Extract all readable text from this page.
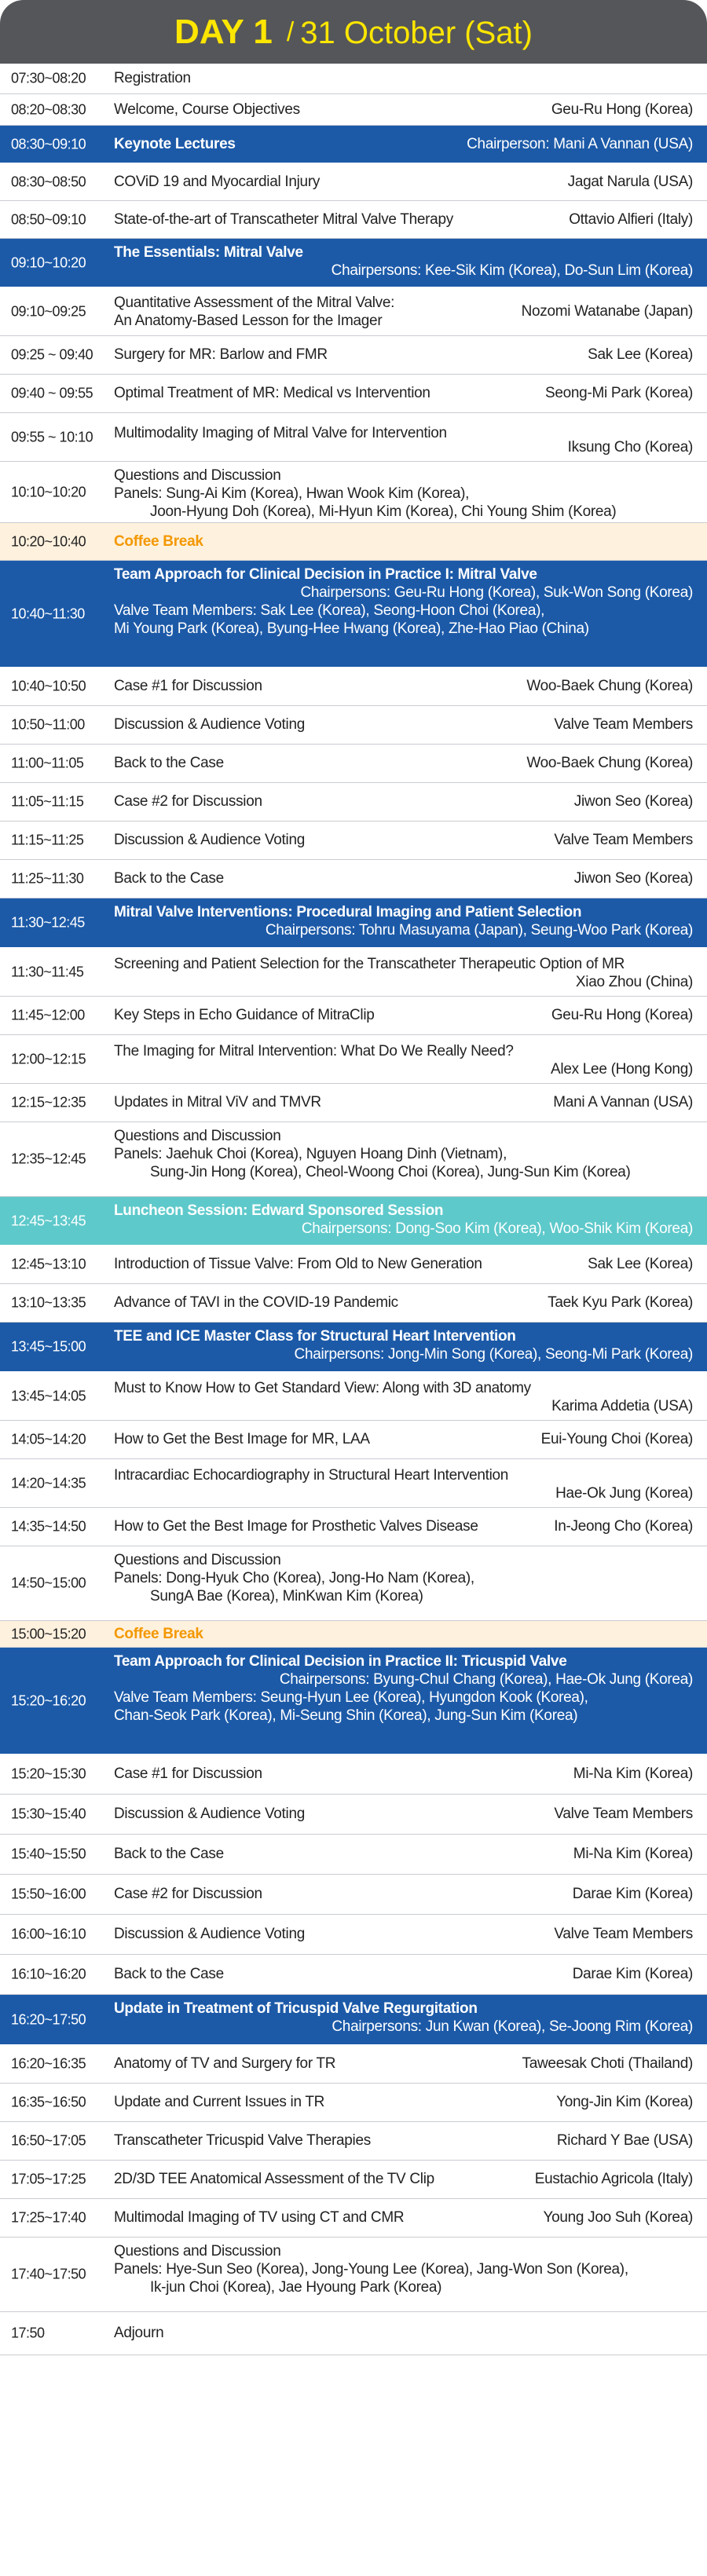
DAY 1 / 31 October (Sat)
07:30~08:20 Registration
08:20~08:30 Welcome, Course Objectives	Geu-Ru Hong (Korea)
08:30~09:10 Keynote Lectures	Chairperson: Mani A Vannan (USA)
08:30~08:50 COViD 19 and Myocardial Injury	Jagat Narula (USA)
08:50~09:10 State-of-the-art of Transcatheter Mitral Valve Therapy	Ottavio Alfieri (Italy)
09:10~10:20
The Essentials: Mitral Valve
Chairpersons: Kee-Sik Kim (Korea), Do-Sun Lim (Korea)
09:10~09:25 Quantitative Assessment of the Mitral Valve:
An Anatomy-Based Lesson for the Imager
Nozomi Watanabe (Japan)
09:25 ~ 09:40 Surgery for MR: Barlow and FMR	Sak Lee (Korea)
09:40 ~ 09:55 Optimal Treatment of MR: Medical vs Intervention	Seong-Mi Park (Korea)
09:55 ~ 10:10 Multimodality Imaging of Mitral Valve for Intervention
Iksung Cho (Korea)
10:10~10:20
Questions and Discussion
Panels: Sung-Ai Kim (Korea), Hwan Wook Kim (Korea),
Joon-Hyung Doh (Korea), Mi-Hyun Kim (Korea), Chi Young Shim (Korea)
10:20~10:40 Coffee Break
10:40~11:30
Team Approach for Clinical Decision in Practice I: Mitral Valve
Chairpersons: Geu-Ru Hong (Korea), Suk-Won Song (Korea)
Valve Team Members: Sak Lee (Korea), Seong-Hoon Choi (Korea),
Mi Young Park (Korea), Byung-Hee Hwang (Korea), Zhe-Hao Piao (China)
10:40~10:50 Case #1 for Discussion	Woo-Baek Chung (Korea)
10:50~11:00 Discussion & Audience Voting	Valve Team Members
11:00~11:05 Back to the Case	Woo-Baek Chung (Korea)
11:05~11:15 Case #2 for Discussion	Jiwon Seo (Korea)
11:15~11:25 Discussion & Audience Voting	Valve Team Members
11:25~11:30 Back to the Case	Jiwon Seo (Korea)
11:30~12:45
Mitral Valve Interventions: Procedural Imaging and Patient Selection
Chairpersons: Tohru Masuyama (Japan), Seung-Woo Park (Korea)
11:30~11:45 Screening and Patient Selection for the Transcatheter Therapeutic Option of MR
Xiao Zhou (China)
11:45~12:00 Key Steps in Echo Guidance of MitraClip	Geu-Ru Hong (Korea)
12:00~12:15 The Imaging for Mitral Intervention: What Do We Really Need?
Alex Lee (Hong Kong)
12:15~12:35 Updates in Mitral ViV and TMVR	Mani A Vannan (USA)
12:35~12:45
Questions and Discussion
Panels: Jaehuk Choi (Korea), Nguyen Hoang Dinh (Vietnam),
Sung-Jin Hong (Korea), Cheol-Woong Choi (Korea), Jung-Sun Kim (Korea)
12:45~13:45
Luncheon Session: Edward Sponsored Session
Chairpersons: Dong-Soo Kim (Korea), Woo-Shik Kim (Korea)
12:45~13:10 Introduction of Tissue Valve: From Old to New Generation	Sak Lee (Korea)
13:10~13:35 Advance of TAVI in the COVID-19 Pandemic	Taek Kyu Park (Korea)
13:45~15:00
TEE and ICE Master Class for Structural Heart Intervention
Chairpersons: Jong-Min Song (Korea), Seong-Mi Park (Korea)
13:45~14:05 Must to Know How to Get Standard View: Along with 3D anatomy
Karima Addetia (USA)
14:05~14:20 How to Get the Best Image for MR, LAA	Eui-Young Choi (Korea)
14:20~14:35 Intracardiac Echocardiography in Structural Heart Intervention
Hae-Ok Jung (Korea)
14:35~14:50 How to Get the Best Image for Prosthetic Valves Disease	In-Jeong Cho (Korea)
14:50~15:00
Questions and Discussion
Panels: Dong-Hyuk Cho (Korea), Jong-Ho Nam (Korea),
SungA Bae (Korea), MinKwan Kim (Korea)
15:00~15:20 Coffee Break
15:20~16:20
Team Approach for Clinical Decision in Practice II: Tricuspid Valve
Chairpersons: Byung-Chul Chang (Korea), Hae-Ok Jung (Korea)
Valve Team Members: Seung-Hyun Lee (Korea), Hyungdon Kook (Korea),
Chan-Seok Park (Korea), Mi-Seung Shin (Korea), Jung-Sun Kim (Korea)
15:20~15:30 Case #1 for Discussion	Mi-Na Kim (Korea)
15:30~15:40 Discussion & Audience Voting	Valve Team Members
15:40~15:50 Back to the Case	Mi-Na Kim (Korea)
15:50~16:00 Case #2 for Discussion	Darae Kim (Korea)
16:00~16:10 Discussion & Audience Voting	Valve Team Members
16:10~16:20 Back to the Case	Darae Kim (Korea)
16:20~17:50
Update in Treatment of Tricuspid Valve Regurgitation
Chairpersons: Jun Kwan (Korea), Se-Joong Rim (Korea)
16:20~16:35 Anatomy of TV and Surgery for TR	Taweesak Choti (Thailand)
16:35~16:50 Update and Current Issues in TR	Yong-Jin Kim (Korea)
16:50~17:05 Transcatheter Tricuspid Valve Therapies	Richard Y Bae (USA)
17:05~17:25 2D/3D TEE Anatomical Assessment of the TV Clip	Eustachio Agricola (Italy)
17:25~17:40 Multimodal Imaging of TV using CT and CMR	Young Joo Suh (Korea)
17:40~17:50
Questions and Discussion
Panels: Hye-Sun Seo (Korea), Jong-Young Lee (Korea), Jang-Won Son (Korea),
Ik-jun Choi (Korea), Jae Hyoung Park (Korea)
17:50	Adjourn
